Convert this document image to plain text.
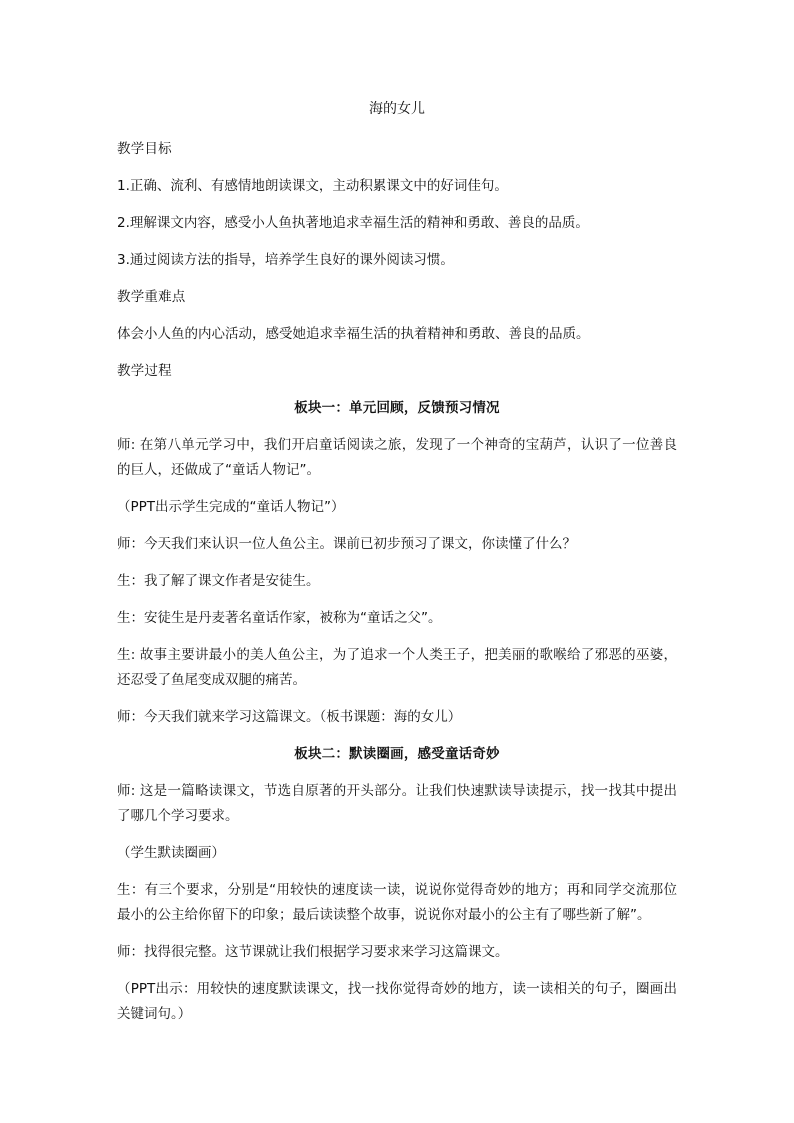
海的女儿
教学目标
1.正确、流利、有感情地朗读课文，主动积累课文中的好词佳句。
2.理解课文内容，感受小人鱼执著地追求幸福生活的精神和勇敢、善良的品质。
3.通过阅读方法的指导，培养学生良好的课外阅读习惯。
教学重难点
体会小人鱼的内心活动，感受她追求幸福生活的执着精神和勇敢、善良的品质。
教学过程
板块一：单元回顾，反馈预习情况
师: 在第八单元学习中，我们开启童话阅读之旅，发现了一个神奇的宝葫芦，认识了一位善良的巨人，还做成了“童话人物记”。
（PPT出示学生完成的“童话人物记”）
师：今天我们来认识一位人鱼公主。课前已初步预习了课文，你读懂了什么？
生：我了解了课文作者是安徒生。
生：安徒生是丹麦著名童话作家，被称为“童话之父”。
生: 故事主要讲最小的美人鱼公主，为了追求一个人类王子，把美丽的歌喉给了邪恶的巫婆，还忍受了鱼尾变成双腿的痛苦。
师：今天我们就来学习这篇课文。（板书课题：海的女儿）
板块二：默读圈画，感受童话奇妙
师: 这是一篇略读课文，节选自原著的开头部分。让我们快速默读导读提示，找一找其中提出了哪几个学习要求。
（学生默读圈画）
生：有三个要求，分别是“用较快的速度读一读，说说你觉得奇妙的地方；再和同学交流那位最小的公主给你留下的印象；最后读读整个故事，说说你对最小的公主有了哪些新了解”。
师：找得很完整。这节课就让我们根据学习要求来学习这篇课文。
（PPT出示：用较快的速度默读课文，找一找你觉得奇妙的地方，读一读相关的句子，圈画出关键词句。）
